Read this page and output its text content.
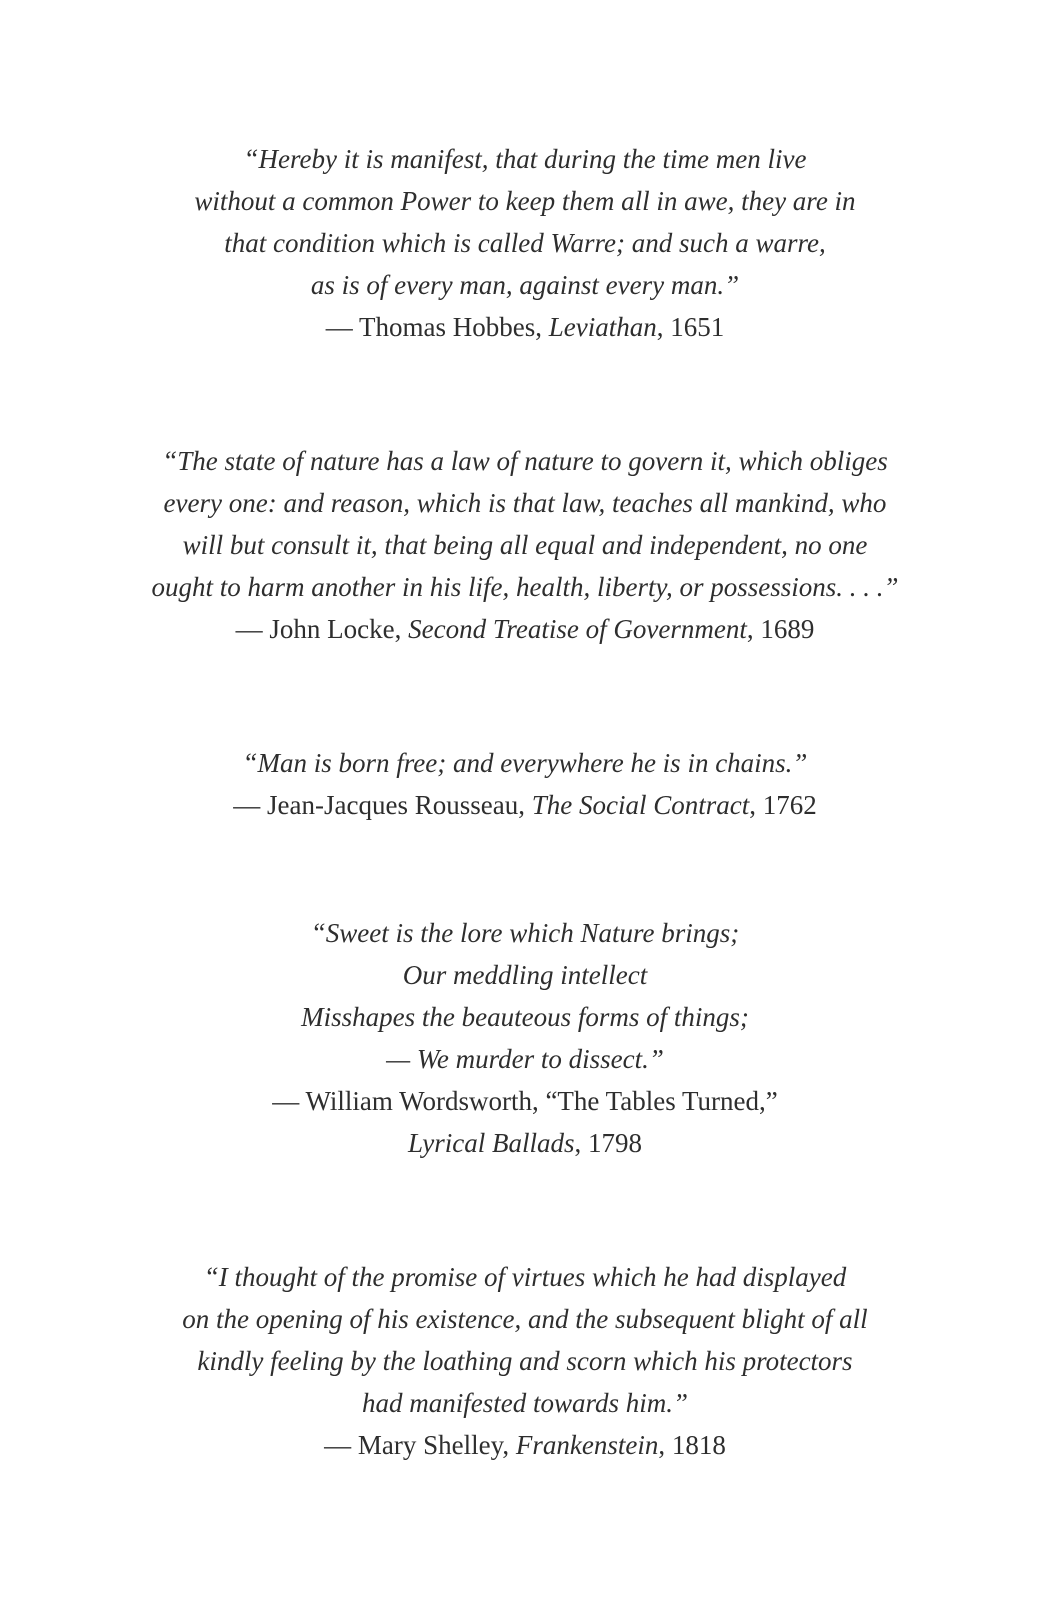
“Hereby it is manifest, that during the time men live
without a common Power to keep them all in awe, they are in
that condition which is called Warre; and such a warre,
as is of every man, against every man.”
— Thomas Hobbes, Leviathan, 1651
“The state of nature has a law of nature to govern it, which obliges
every one: and reason, which is that law, teaches all mankind, who
will but consult it, that being all equal and independent, no one
ought to harm another in his life, health, liberty, or possessions. . . .”
— John Locke, Second Treatise of Government, 1689
“Man is born free; and everywhere he is in chains.”
— Jean-Jacques Rousseau, The Social Contract, 1762
“Sweet is the lore which Nature brings;
Our meddling intellect
Misshapes the beauteous forms of things;
— We murder to dissect.”
— William Wordsworth, “The Tables Turned,”
Lyrical Ballads, 1798
“I thought of the promise of virtues which he had displayed
on the opening of his existence, and the subsequent blight of all
kindly feeling by the loathing and scorn which his protectors
had manifested towards him.”
— Mary Shelley, Frankenstein, 1818
